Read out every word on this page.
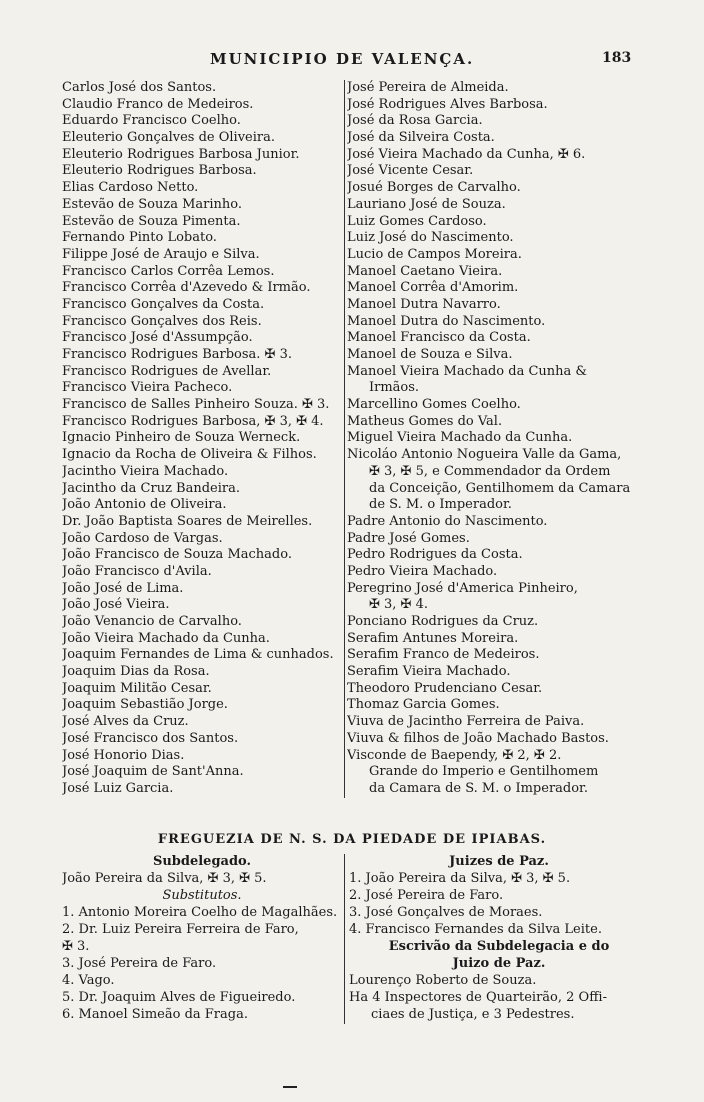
MUNICIPIO DE VALENÇA.	183
Carlos José dos Santos.
Claudio Franco de Medeiros.
Eduardo Francisco Coelho.
Eleuterio Gonçalves de Oliveira.
Eleuterio Rodrigues Barbosa Junior.
Eleuterio Rodrigues Barbosa.
Elias Cardoso Netto.
Estevão de Souza Marinho.
Estevão de Souza Pimenta.
Fernando Pinto Lobato.
Filippe José de Araujo e Silva.
Francisco Carlos Corrêa Lemos.
Francisco Corrêa d'Azevedo & Irmão.
Francisco Gonçalves da Costa.
Francisco Gonçalves dos Reis.
Francisco José d'Assumpção.
Francisco Rodrigues Barbosa. ✠ 3.
Francisco Rodrigues de Avellar.
Francisco Vieira Pacheco.
Francisco de Salles Pinheiro Souza. ✠ 3.
Francisco Rodrigues Barbosa, ✠ 3, ✠ 4.
Ignacio Pinheiro de Souza Werneck.
Ignacio da Rocha de Oliveira & Filhos.
Jacintho Vieira Machado.
Jacintho da Cruz Bandeira.
João Antonio de Oliveira.
Dr. João Baptista Soares de Meirelles.
João Cardoso de Vargas.
João Francisco de Souza Machado.
João Francisco d'Avila.
João José de Lima.
João José Vieira.
João Venancio de Carvalho.
João Vieira Machado da Cunha.
Joaquim Fernandes de Lima & cunhados.
Joaquim Dias da Rosa.
Joaquim Militão Cesar.
Joaquim Sebastião Jorge.
José Alves da Cruz.
José Francisco dos Santos.
José Honorio Dias.
José Joaquim de Sant'Anna.
José Luiz Garcia.
José Pereira de Almeida.
José Rodrigues Alves Barbosa.
José da Rosa Garcia.
José da Silveira Costa.
José Vieira Machado da Cunha, ✠ 6.
José Vicente Cesar.
Josué Borges de Carvalho.
Lauriano José de Souza.
Luiz Gomes Cardoso.
Luiz José do Nascimento.
Lucio de Campos Moreira.
Manoel Caetano Vieira.
Manoel Corrêa d'Amorim.
Manoel Dutra Navarro.
Manoel Dutra do Nascimento.
Manoel Francisco da Costa.
Manoel de Souza e Silva.
Manoel Vieira Machado da Cunha &
Irmãos.
Marcellino Gomes Coelho.
Matheus Gomes do Val.
Miguel Vieira Machado da Cunha.
Nicoláo Antonio Nogueira Valle da Gama,
✠ 3, ✠ 5, e Commendador da Ordem
da Conceição, Gentilhomem da Camara
de S. M. o Imperador.
Padre Antonio do Nascimento.
Padre José Gomes.
Pedro Rodrigues da Costa.
Pedro Vieira Machado.
Peregrino José d'America Pinheiro,
✠ 3, ✠ 4.
Ponciano Rodrigues da Cruz.
Serafim Antunes Moreira.
Serafim Franco de Medeiros.
Serafim Vieira Machado.
Theodoro Prudenciano Cesar.
Thomaz Garcia Gomes.
Viuva de Jacintho Ferreira de Paiva.
Viuva & filhos de João Machado Bastos.
Visconde de Baependy, ✠ 2, ✠ 2.
Grande do Imperio e Gentilhomem
da Camara de S. M. o Imperador.
FREGUEZIA DE N. S. DA PIEDADE DE IPIABAS.
Subdelegado.
João Pereira da Silva, ✠ 3, ✠ 5.
Substitutos.
1. Antonio Moreira Coelho de Magalhães.
2. Dr. Luiz Pereira Ferreira de Faro,
✠ 3.
3. José Pereira de Faro.
4. Vago.
5. Dr. Joaquim Alves de Figueiredo.
6. Manoel Simeão da Fraga.
Juizes de Paz.
1. João Pereira da Silva, ✠ 3, ✠ 5.
2. José Pereira de Faro.
3. José Gonçalves de Moraes.
4. Francisco Fernandes da Silva Leite.
Escrivão da Subdelegacia e do
Juizo de Paz.
Lourenço Roberto de Souza.
Ha 4 Inspectores de Quarteirão, 2 Offi-
ciaes de Justiça, e 3 Pedestres.
